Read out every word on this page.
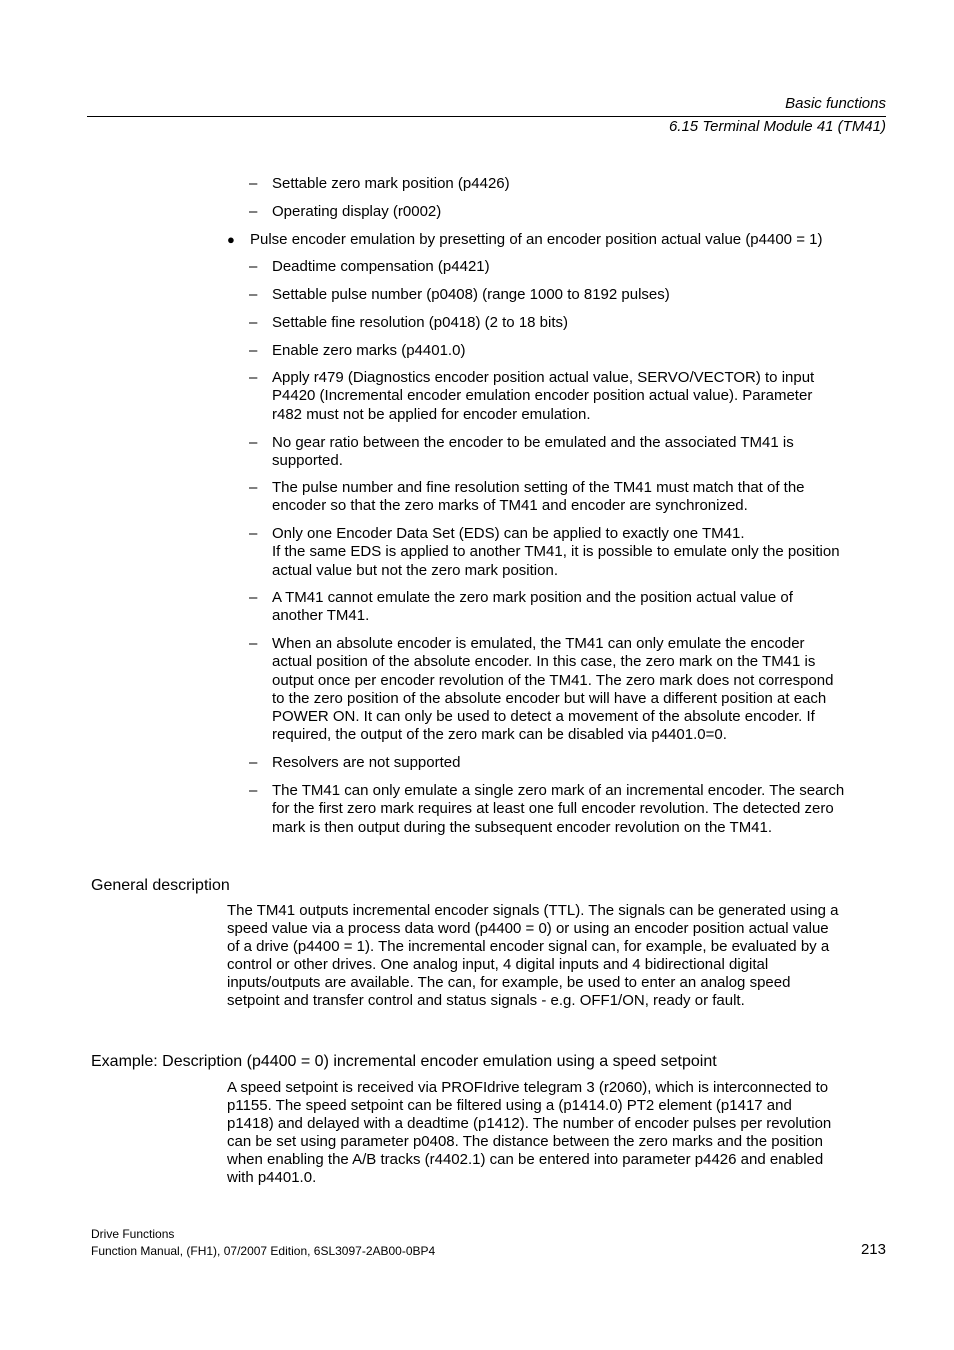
Basic functions
6.15 Terminal Module 41 (TM41)
– Settable zero mark position (p4426)
– Operating display (r0002)
● Pulse encoder emulation by presetting of an encoder position actual value (p4400 = 1)
– Deadtime compensation (p4421)
– Settable pulse number (p0408) (range 1000 to 8192 pulses)
– Settable fine resolution (p0418) (2 to 18 bits)
– Enable zero marks (p4401.0)
– Apply r479 (Diagnostics encoder position actual value, SERVO/VECTOR) to input
P4420 (Incremental encoder emulation encoder position actual value). Parameter
r482 must not be applied for encoder emulation.
– No gear ratio between the encoder to be emulated and the associated TM41 is
supported.
– The pulse number and fine resolution setting of the TM41 must match that of the
encoder so that the zero marks of TM41 and encoder are synchronized.
– Only one Encoder Data Set (EDS) can be applied to exactly one TM41.
If the same EDS is applied to another TM41, it is possible to emulate only the position
actual value but not the zero mark position.
– A TM41 cannot emulate the zero mark position and the position actual value of
another TM41.
– When an absolute encoder is emulated, the TM41 can only emulate the encoder
actual position of the absolute encoder. In this case, the zero mark on the TM41 is
output once per encoder revolution of the TM41. The zero mark does not correspond
to the zero position of the absolute encoder but will have a different position at each
POWER ON. It can only be used to detect a movement of the absolute encoder. If
required, the output of the zero mark can be disabled via p4401.0=0.
– Resolvers are not supported
– The TM41 can only emulate a single zero mark of an incremental encoder. The search
for the first zero mark requires at least one full encoder revolution. The detected zero
mark is then output during the subsequent encoder revolution on the TM41.
General description
The TM41 outputs incremental encoder signals (TTL). The signals can be generated using a
speed value via a process data word (p4400 = 0) or using an encoder position actual value
of a drive (p4400 = 1). The incremental encoder signal can, for example, be evaluated by a
control or other drives. One analog input, 4 digital inputs and 4 bidirectional digital
inputs/outputs are available. The can, for example, be used to enter an analog speed
setpoint and transfer control and status signals - e.g. OFF1/ON, ready or fault.
Example: Description (p4400 = 0) incremental encoder emulation using a speed setpoint
A speed setpoint is received via PROFIdrive telegram 3 (r2060), which is interconnected to
p1155. The speed setpoint can be filtered using a (p1414.0) PT2 element (p1417 and
p1418) and delayed with a deadtime (p1412). The number of encoder pulses per revolution
can be set using parameter p0408. The distance between the zero marks and the position
when enabling the A/B tracks (r4402.1) can be entered into parameter p4426 and enabled
with p4401.0.
Drive Functions
Function Manual, (FH1), 07/2007 Edition, 6SL3097-2AB00-0BP4	213
